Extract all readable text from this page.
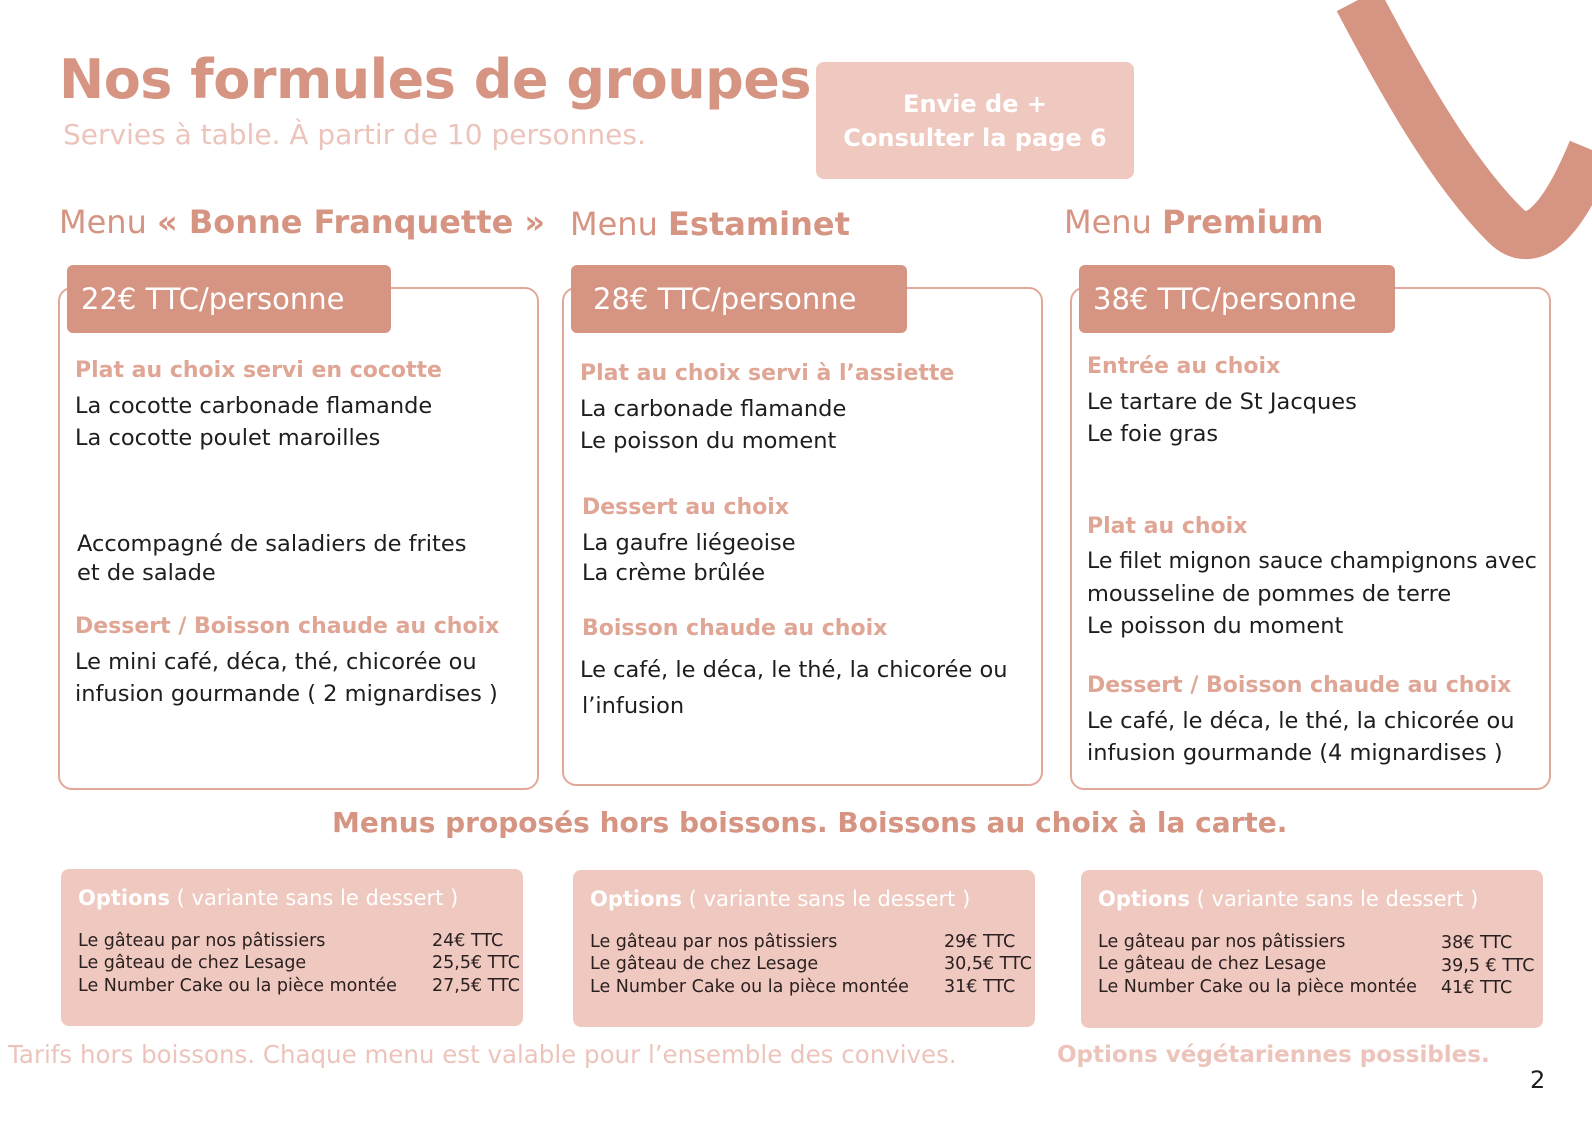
Nos formules de groupes
Servies à table. À partir de 10 personnes.
Envie de +
Consulter la page 6
Menu « Bonne Franquette » Menu Estaminet	Menu Premium
22€ TTC/personne
Plat au choix servi en cocotte
La cocotte carbonade flamande
La cocotte poulet maroilles
Accompagné de saladiers de frites
et de salade
Dessert / Boisson chaude au choix
Le mini café, déca, thé, chicorée ou
infusion gourmande ( 2 mignardises )
28€ TTC/personne
Plat au choix servi à l’assiette
La carbonade flamande
Le poisson du moment
Dessert au choix
La gaufre liégeoise
La crème brûlée
Boisson chaude au choix
Le café, le déca, le thé, la chicorée ou
l’infusion
38€ TTC/personne
Entrée au choix
Le tartare de St Jacques
Le foie gras
Plat au choix
Le filet mignon sauce champignons avec
mousseline de pommes de terre
Le poisson du moment
Dessert / Boisson chaude au choix
Le café, le déca, le thé, la chicorée ou
infusion gourmande (4 mignardises )
Menus proposés hors boissons. Boissons au choix à la carte.
Options ( variante sans le dessert )
Le gâteau par nos pâtissiers
Le gâteau de chez Lesage
Le Number Cake ou la pièce montée
24€ TTC
25,5€ TTC
27,5€ TTC
Options ( variante sans le dessert )
Le gâteau par nos pâtissiers
Le gâteau de chez Lesage
Le Number Cake ou la pièce montée
29€ TTC
30,5€ TTC
31€ TTC
Options ( variante sans le dessert )
Le gâteau par nos pâtissiers
Le gâteau de chez Lesage
Le Number Cake ou la pièce montée
38€ TTC
39,5 € TTC
41€ TTC
Tarifs hors boissons. Chaque menu est valable pour l’ensemble des convives.	Options végétariennes possibles.
2
